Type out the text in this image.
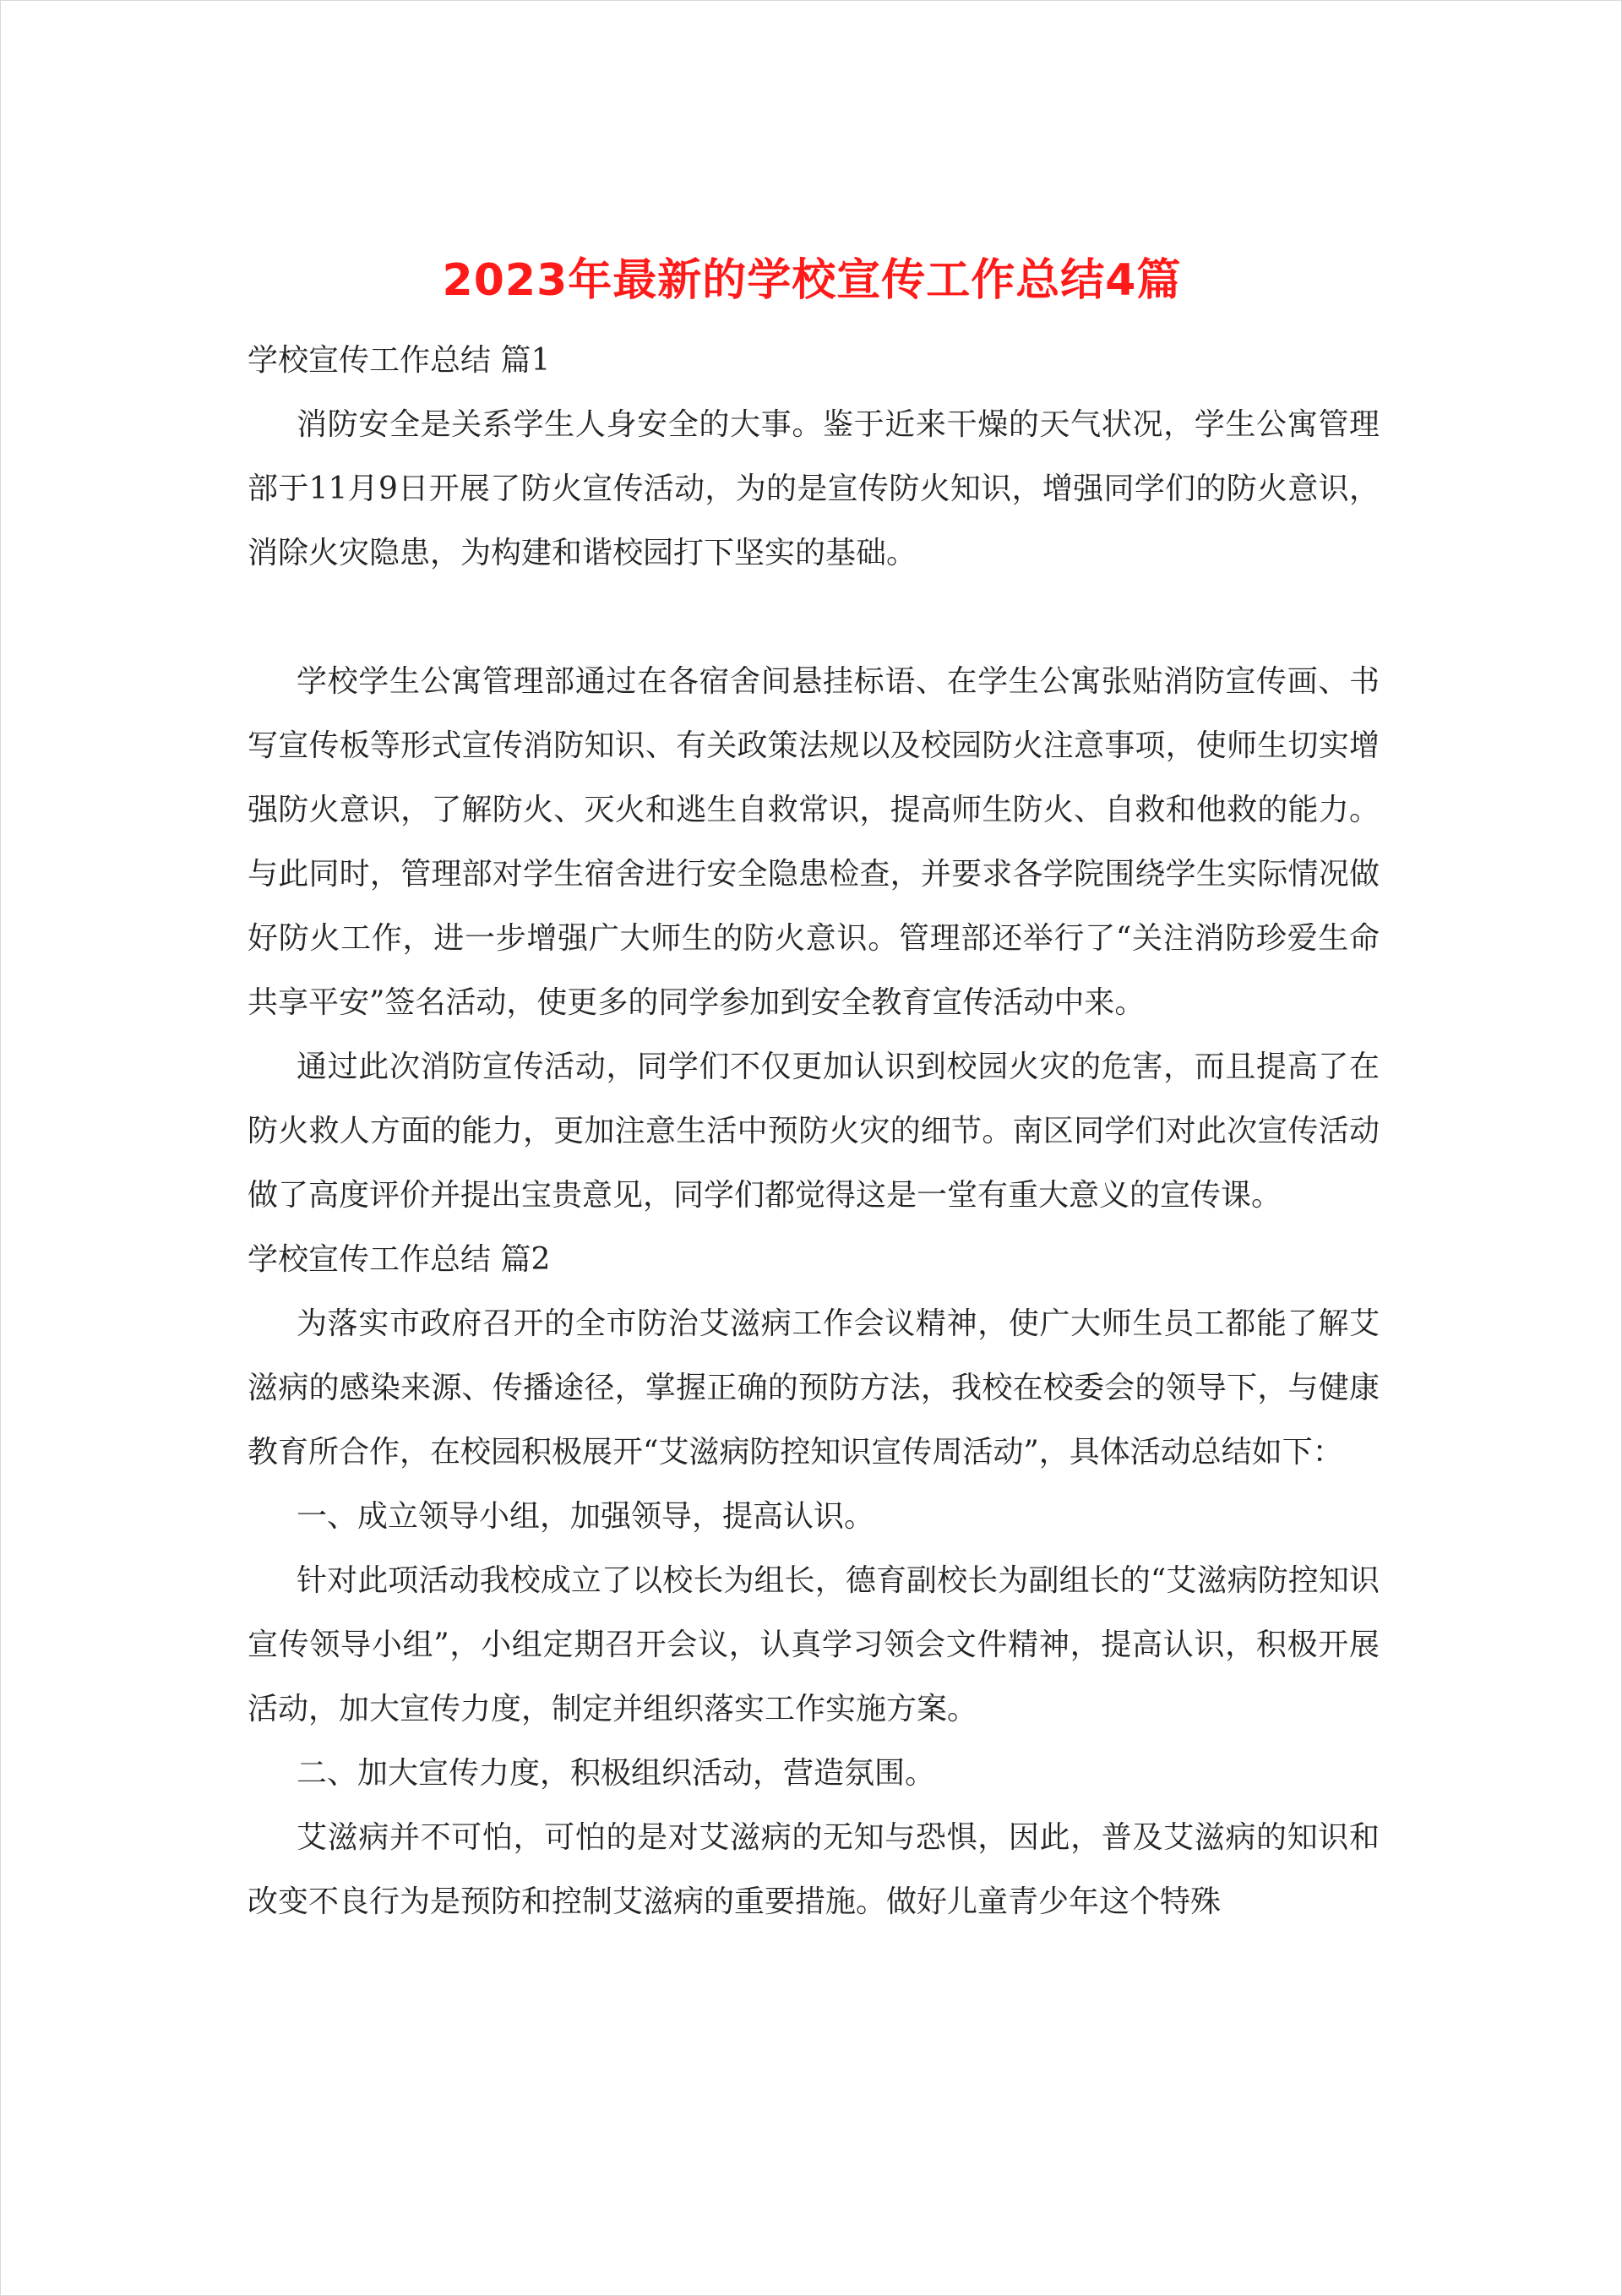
2023年最新的学校宣传工作总结4篇

学校宣传工作总结 篇1

消防安全是关系学生人身安全的大事。鉴于近来干燥的天气状况，学生公寓管理部于11月9日开展了防火宣传活动，为的是宣传防火知识，增强同学们的防火意识，消除火灾隐患，为构建和谐校园打下坚实的基础。

学校学生公寓管理部通过在各宿舍间悬挂标语、在学生公寓张贴消防宣传画、书写宣传板等形式宣传消防知识、有关政策法规以及校园防火注意事项，使师生切实增强防火意识，了解防火、灭火和逃生自救常识，提高师生防火、自救和他救的能力。与此同时，管理部对学生宿舍进行安全隐患检查，并要求各学院围绕学生实际情况做好防火工作，进一步增强广大师生的防火意识。管理部还举行了“关注消防珍爱生命 共享平安”签名活动，使更多的同学参加到安全教育宣传活动中来。

通过此次消防宣传活动，同学们不仅更加认识到校园火灾的危害，而且提高了在防火救人方面的能力，更加注意生活中预防火灾的细节。南区同学们对此次宣传活动做了高度评价并提出宝贵意见，同学们都觉得这是一堂有重大意义的宣传课。

学校宣传工作总结 篇2

为落实市政府召开的全市防治艾滋病工作会议精神，使广大师生员工都能了解艾滋病的感染来源、传播途径，掌握正确的预防方法，我校在校委会的领导下，与健康教育所合作，在校园积极展开“艾滋病防控知识宣传周活动”，具体活动总结如下：

一、成立领导小组，加强领导，提高认识。

针对此项活动我校成立了以校长为组长，德育副校长为副组长的“艾滋病防控知识宣传领导小组”，小组定期召开会议，认真学习领会文件精神，提高认识，积极开展活动，加大宣传力度，制定并组织落实工作实施方案。

二、加大宣传力度，积极组织活动，营造氛围。

艾滋病并不可怕，可怕的是对艾滋病的无知与恐惧，因此，普及艾滋病的知识和改变不良行为是预防和控制艾滋病的重要措施。做好儿童青少年这个特殊
